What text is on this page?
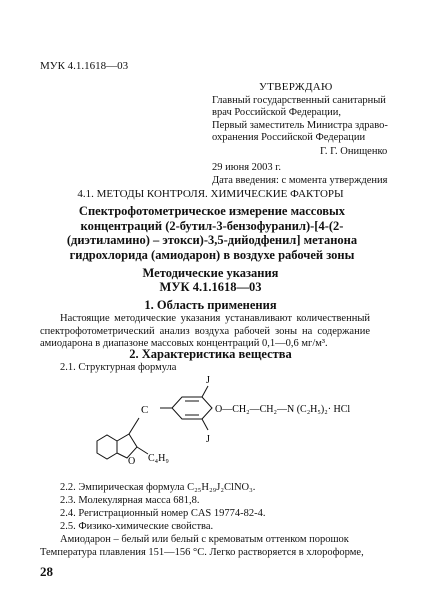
МУК 4.1.1618—03
УТВЕРЖДАЮ
Главный государственный санитарный
врач Российской Федерации,
Первый заместитель Министра здраво-
охранения Российской Федерации
Г. Г. Онищенко
29 июня 2003 г.
Дата введения: с момента утверждения
4.1. МЕТОДЫ КОНТРОЛЯ. ХИМИЧЕСКИЕ ФАКТОРЫ
Спектрофотометрическое измерение массовых
концентраций (2-бутил-3-бензофуранил)-[4-(2-
(диэтиламино) – этокси)-3,5-дийодфенил] метанона
гидрохлорида (амиодарон) в воздухе рабочей зоны
Методические указания
МУК 4.1.1618—03
1. Область применения
Настоящие методические указания устанавливают количественный спектрофотометрический анализ воздуха рабочей зоны на содержание амиодарона в диапазоне массовых концентраций 0,1—0,6 мг/м³.
2. Характеристика вещества
2.1. Структурная формула
C
O C₄H₉
J
J
O—CH₂—CH₂—N (C₂H₅)₂· HCl
2.2. Эмпирическая формула C₂₅H₂₉J₂ClNO₃.
2.3. Молекулярная масса 681,8.
2.4. Регистрационный номер CAS 19774-82-4.
2.5. Физико-химические свойства.
Амиодарон – белый или белый с кремоватым оттенком порошок
Температура плавления 151—156 °С. Легко растворяется в хлороформе,
28
